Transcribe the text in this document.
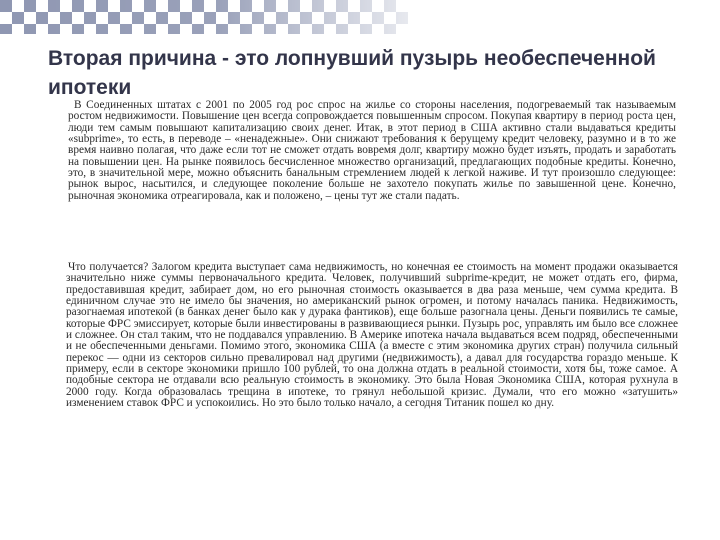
Вторая причина - это лопнувший пузырь необеспеченной ипотеки

В Соединенных штатах с 2001 по 2005 год рос спрос на жилье со стороны населения, подогреваемый так называемым ростом недвижимости. Повышение цен всегда сопровождается повышенным спросом. Покупая квартиру в период роста цен, люди тем самым повышают капитализацию своих денег. Итак, в этот период в США активно стали выдаваться кредиты «subprime», то есть, в переводе – «ненадежные». Они снижают требования к берущему кредит человеку, разумно и в то же время наивно полагая, что даже если тот не сможет отдать вовремя долг, квартиру можно будет изъять, продать и заработать на повышении цен. На рынке появилось бесчисленное множество организаций, предлагающих подобные кредиты. Конечно, это, в значительной мере, можно объяснить банальным стремлением людей к легкой наживе. И тут произошло следующее: рынок вырос, насытился, и следующее поколение больше не захотело покупать жилье по завышенной цене. Конечно, рыночная экономика отреагировала, как и положено, – цены тут же стали падать.

Что получается? Залогом кредита выступает сама недвижимость, но конечная ее стоимость на момент продажи оказывается значительно ниже суммы первоначального кредита. Человек, получивший subprime-кредит, не может отдать его, фирма, предоставившая кредит, забирает дом, но его рыночная стоимость оказывается в два раза меньше, чем сумма кредита. В единичном случае это не имело бы значения, но американский рынок огромен, и потому началась паника. Недвижимость, разогнаемая ипотекой (в банках денег было как у дурака фантиков), еще больше разогнала цены. Деньги появились те самые, которые ФРС эмиссирует, которые были инвестированы в развивающиеся рынки. Пузырь рос, управлять им было все сложнее и сложнее. Он стал таким, что не поддавался управлению. В Америке ипотека начала выдаваться всем подряд, обеспеченными и не обеспеченными деньгами. Помимо этого, экономика США (а вместе с этим экономика других стран) получила сильный перекос — одни из секторов сильно превалировал над другими (недвижимость), а давал для государства гораздо меньше. К примеру, если в секторе экономики пришло 100 рублей, то она должна отдать в реальной стоимости, хотя бы, тоже самое. А подобные сектора не отдавали всю реальную стоимость в экономику. Это была Новая Экономика США, которая рухнула в 2000 году. Когда образовалась трещина в ипотеке, то грянул небольшой кризис. Думали, что его можно «затушить» изменением ставок ФРС и успокоились. Но это было только начало, а сегодня Титаник пошел ко дну.
